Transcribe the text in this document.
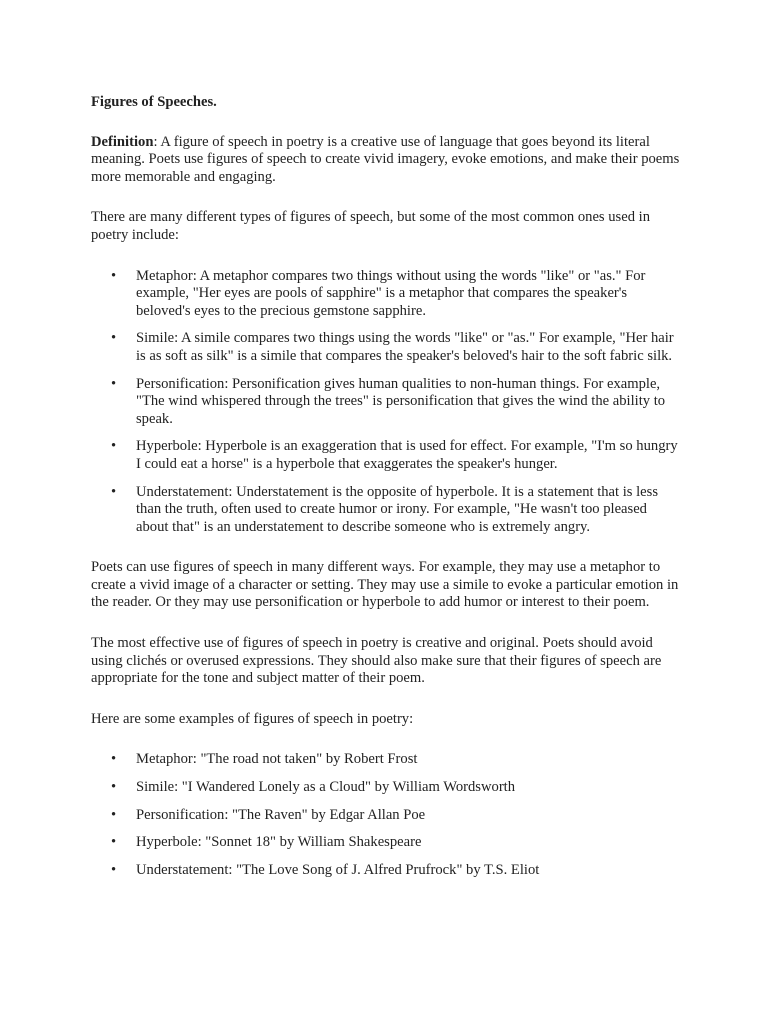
Figures of Speeches.

Definition: A figure of speech in poetry is a creative use of language that goes beyond its literal meaning. Poets use figures of speech to create vivid imagery, evoke emotions, and make their poems more memorable and engaging.

There are many different types of figures of speech, but some of the most common ones used in poetry include:

• Metaphor: A metaphor compares two things without using the words "like" or "as." For example, "Her eyes are pools of sapphire" is a metaphor that compares the speaker's beloved's eyes to the precious gemstone sapphire.
• Simile: A simile compares two things using the words "like" or "as." For example, "Her hair is as soft as silk" is a simile that compares the speaker's beloved's hair to the soft fabric silk.
• Personification: Personification gives human qualities to non-human things. For example, "The wind whispered through the trees" is personification that gives the wind the ability to speak.
• Hyperbole: Hyperbole is an exaggeration that is used for effect. For example, "I'm so hungry I could eat a horse" is a hyperbole that exaggerates the speaker's hunger.
• Understatement: Understatement is the opposite of hyperbole. It is a statement that is less than the truth, often used to create humor or irony. For example, "He wasn't too pleased about that" is an understatement to describe someone who is extremely angry.

Poets can use figures of speech in many different ways. For example, they may use a metaphor to create a vivid image of a character or setting. They may use a simile to evoke a particular emotion in the reader. Or they may use personification or hyperbole to add humor or interest to their poem.

The most effective use of figures of speech in poetry is creative and original. Poets should avoid using clichés or overused expressions. They should also make sure that their figures of speech are appropriate for the tone and subject matter of their poem.

Here are some examples of figures of speech in poetry:

• Metaphor: "The road not taken" by Robert Frost
• Simile: "I Wandered Lonely as a Cloud" by William Wordsworth
• Personification: "The Raven" by Edgar Allan Poe
• Hyperbole: "Sonnet 18" by William Shakespeare
• Understatement: "The Love Song of J. Alfred Prufrock" by T.S. Eliot
